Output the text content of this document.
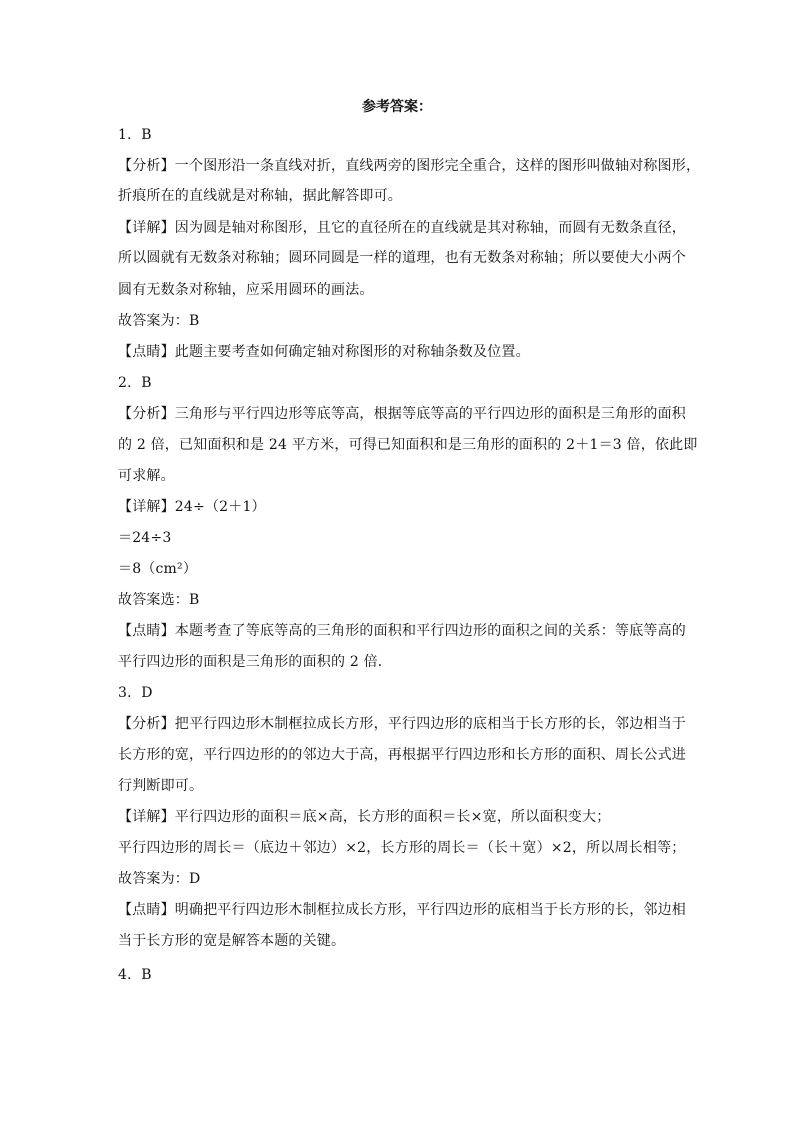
参考答案：
1．B
【分析】一个图形沿一条直线对折，直线两旁的图形完全重合，这样的图形叫做轴对称图形，
折痕所在的直线就是对称轴，据此解答即可。
【详解】因为圆是轴对称图形，且它的直径所在的直线就是其对称轴，而圆有无数条直径，
所以圆就有无数条对称轴；圆环同圆是一样的道理，也有无数条对称轴；所以要使大小两个
圆有无数条对称轴，应采用圆环的画法。
故答案为：B
【点睛】此题主要考查如何确定轴对称图形的对称轴条数及位置。
2．B
【分析】三角形与平行四边形等底等高，根据等底等高的平行四边形的面积是三角形的面积
的 2 倍，已知面积和是 24 平方米，可得已知面积和是三角形的面积的 2＋1＝3 倍，依此即
可求解。
【详解】24÷（2＋1）
＝24÷3
＝8（cm²）
故答案选：B
【点睛】本题考查了等底等高的三角形的面积和平行四边形的面积之间的关系：等底等高的
平行四边形的面积是三角形的面积的 2 倍．
3．D
【分析】把平行四边形木制框拉成长方形，平行四边形的底相当于长方形的长，邻边相当于
长方形的宽，平行四边形的的邻边大于高，再根据平行四边形和长方形的面积、周长公式进
行判断即可。
【详解】平行四边形的面积＝底×高，长方形的面积＝长×宽，所以面积变大；
平行四边形的周长＝（底边＋邻边）×2，长方形的周长＝（长＋宽）×2，所以周长相等；
故答案为：D
【点睛】明确把平行四边形木制框拉成长方形，平行四边形的底相当于长方形的长，邻边相
当于长方形的宽是解答本题的关键。
4．B
